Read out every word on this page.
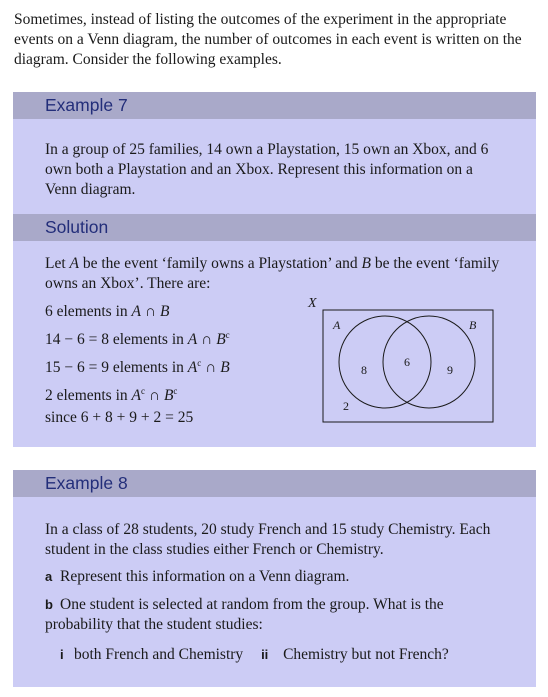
Sometimes, instead of listing the outcomes of the experiment in the appropriate events on a Venn diagram, the number of outcomes in each event is written on the diagram. Consider the following examples.
Example 7
In a group of 25 families, 14 own a Playstation, 15 own an Xbox, and 6 own both a Playstation and an Xbox. Represent this information on a Venn diagram.
Solution
Let A be the event ‘family owns a Playstation’ and B be the event ‘family owns an Xbox’. There are:
6 elements in A ∩ B
14 − 6 = 8 elements in A ∩ $B^c$
15 − 6 = 9 elements in $A^c$ ∩ B
2 elements in $A^c$ ∩ $B^c$
since 6 + 8 + 9 + 2 = 25
X
A	B
8
6
9
2
Example 8
In a class of 28 students, 20 study French and 15 study Chemistry. Each student in the class studies either French or Chemistry.
a Represent this information on a Venn diagram.
b One student is selected at random from the group. What is the probability that the student studies:
i both French and Chemistry ii Chemistry but not French?
